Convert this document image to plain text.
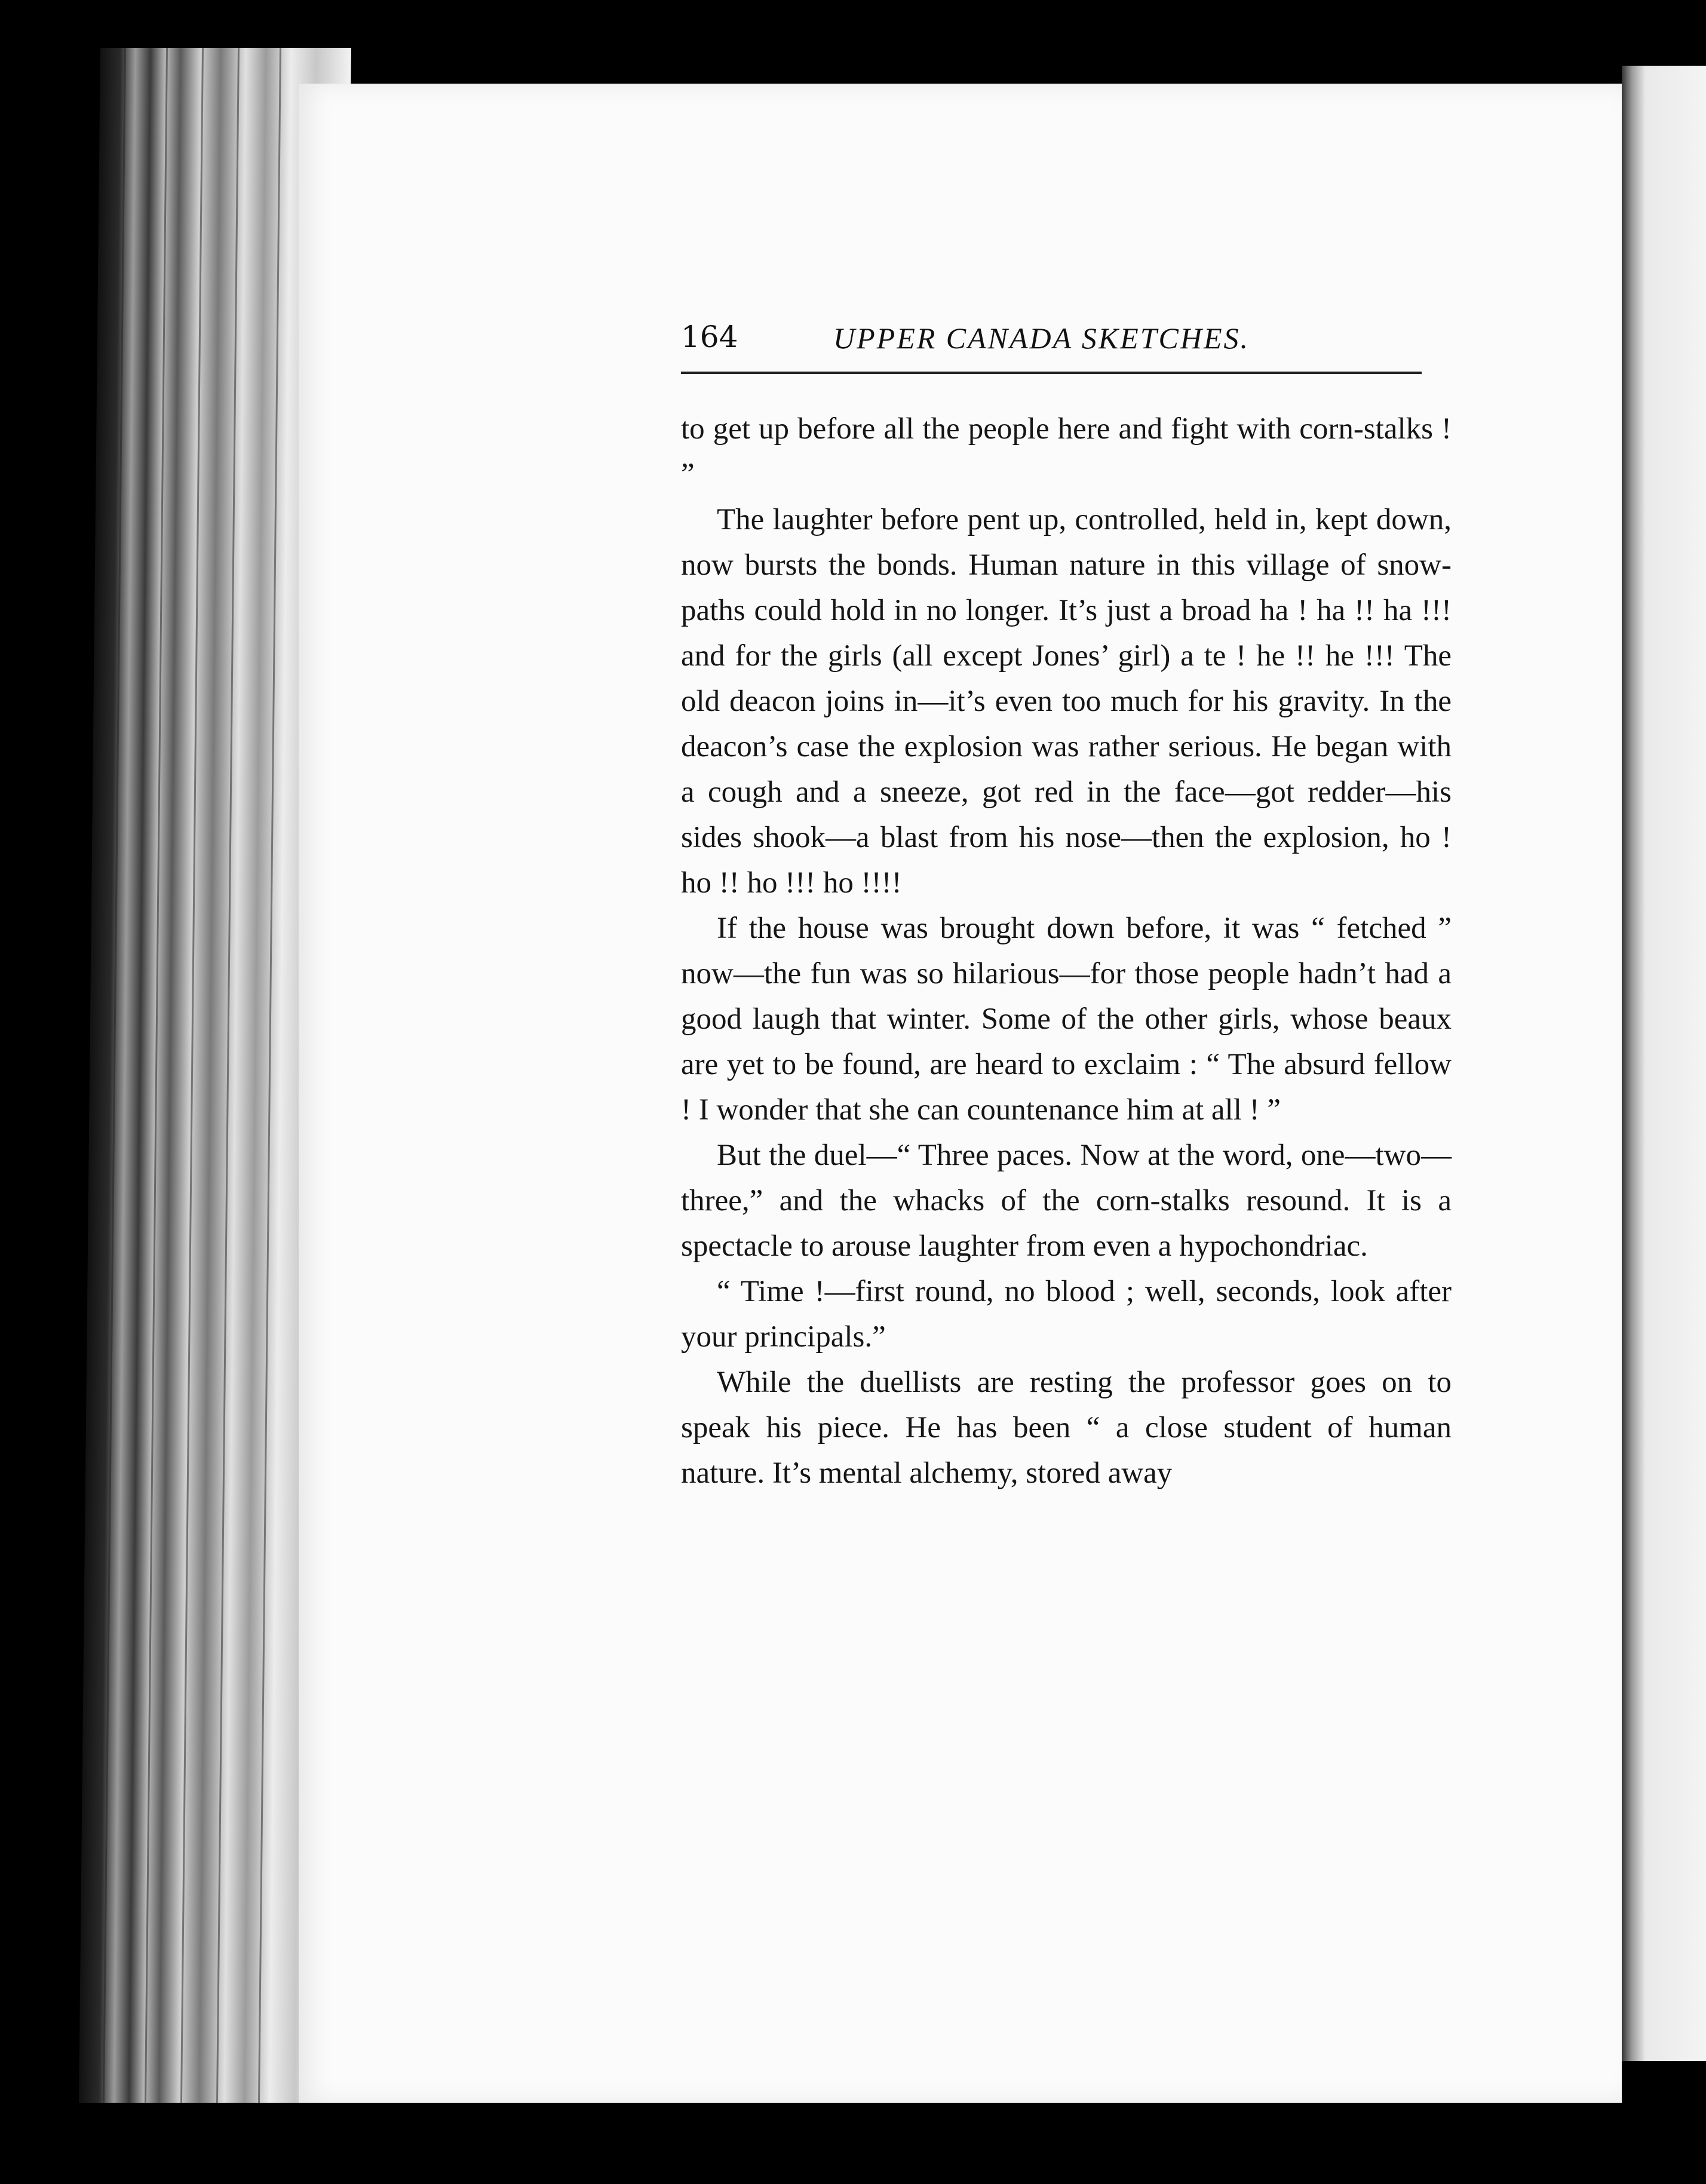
164	UPPER CANADA SKETCHES.

to get up before all the people here and fight with corn-stalks ! ”

The laughter before pent up, controlled, held in, kept down, now bursts the bonds. Human nature in this village of snow-paths could hold in no longer. It’s just a broad ha ! ha !! ha !!! and for the girls (all except Jones’ girl) a te ! he !! he !!! The old deacon joins in—it’s even too much for his gravity. In the deacon’s case the explosion was rather serious. He began with a cough and a sneeze, got red in the face—got redder—his sides shook—a blast from his nose—then the explosion, ho ! ho !! ho !!! ho !!!!

If the house was brought down before, it was “ fetched ” now—the fun was so hilarious—for those people hadn’t had a good laugh that winter. Some of the other girls, whose beaux are yet to be found, are heard to exclaim : “ The absurd fellow ! I wonder that she can countenance him at all ! ”

But the duel—“ Three paces. Now at the word, one—two—three,” and the whacks of the corn-stalks resound. It is a spectacle to arouse laughter from even a hypochondriac.

“ Time !—first round, no blood ; well, seconds, look after your principals.”

While the duellists are resting the professor goes on to speak his piece. He has been “ a close student of human nature. It’s mental alchemy, stored away
